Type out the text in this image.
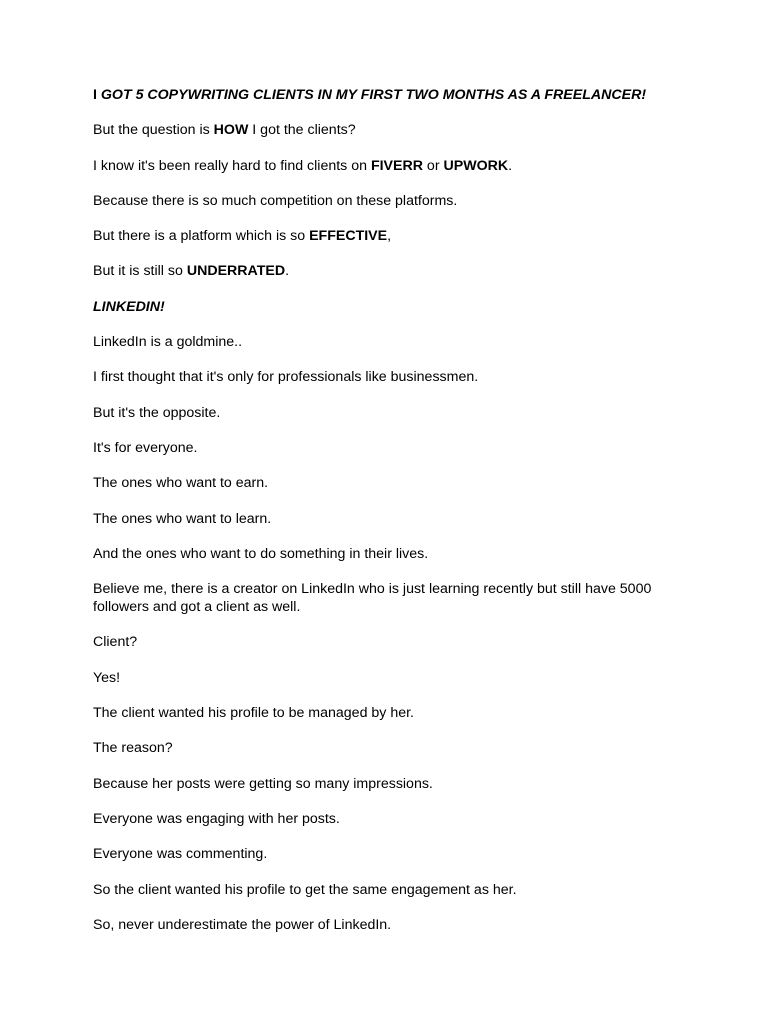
I GOT 5 COPYWRITING CLIENTS IN MY FIRST TWO MONTHS AS A FREELANCER!

But the question is HOW I got the clients?

I know it's been really hard to find clients on FIVERR or UPWORK.

Because there is so much competition on these platforms.

But there is a platform which is so EFFECTIVE,

But it is still so UNDERRATED.

LINKEDIN!

LinkedIn is a goldmine..

I first thought that it's only for professionals like businessmen.

But it's the opposite.

It's for everyone.

The ones who want to earn.

The ones who want to learn.

And the ones who want to do something in their lives.

Believe me, there is a creator on LinkedIn who is just learning recently but still have 5000 followers and got a client as well.

Client?

Yes!

The client wanted his profile to be managed by her.

The reason?

Because her posts were getting so many impressions.

Everyone was engaging with her posts.

Everyone was commenting.

So the client wanted his profile to get the same engagement as her.

So, never underestimate the power of LinkedIn.
